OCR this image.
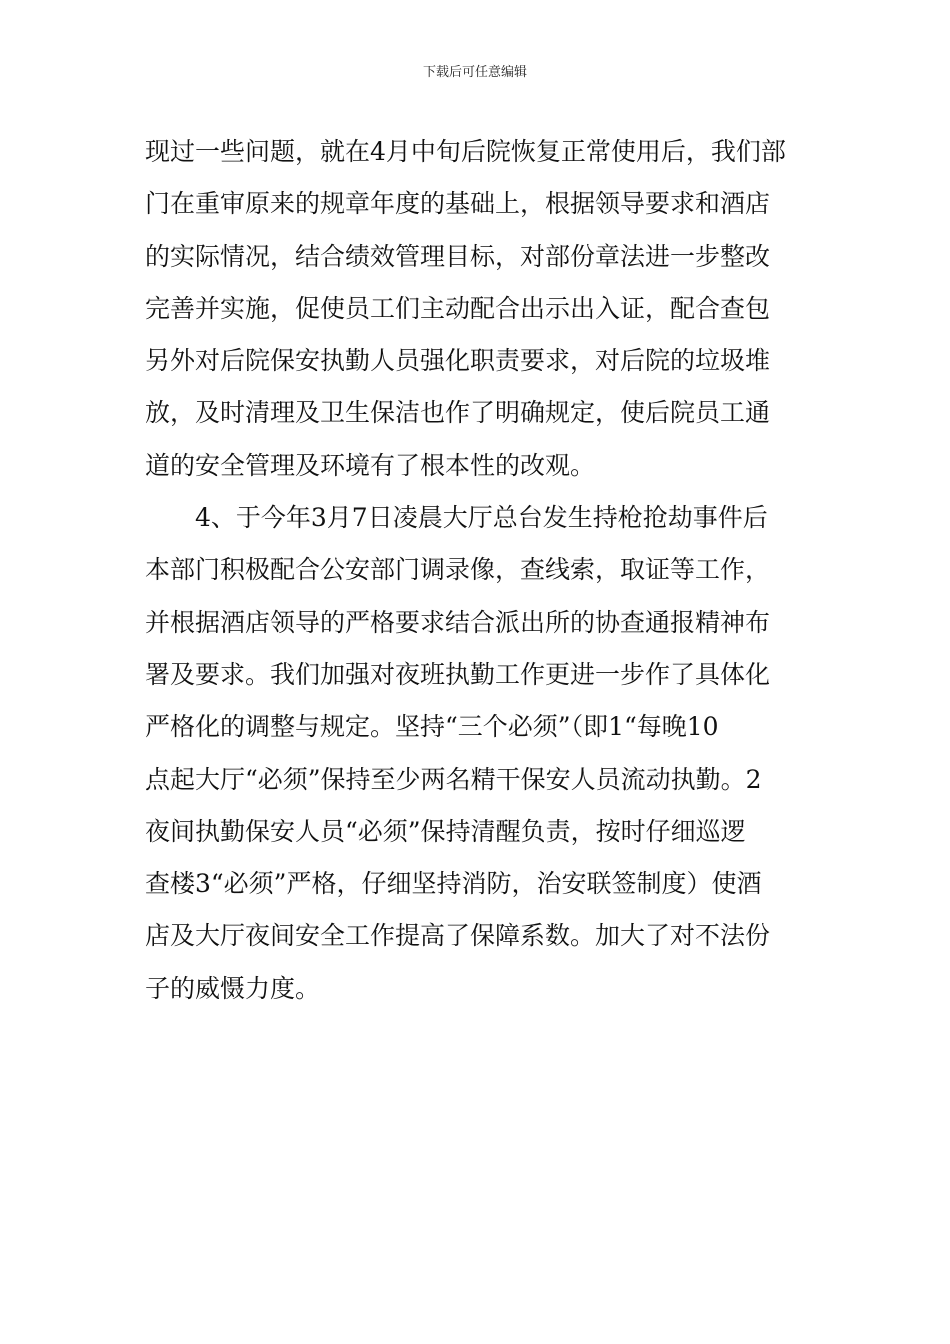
下载后可任意编辑
现过一些问题，就在4月中旬后院恢复正常使用后，我们部
门在重审原来的规章年度的基础上，根据领导要求和酒店
的实际情况，结合绩效管理目标，对部份章法进一步整改
完善并实施，促使员工们主动配合出示出入证，配合查包
另外对后院保安执勤人员强化职责要求，对后院的垃圾堆
放，及时清理及卫生保洁也作了明确规定，使后院员工通
道的安全管理及环境有了根本性的改观。
4、于今年3月7日凌晨大厅总台发生持枪抢劫事件后
本部门积极配合公安部门调录像，查线索，取证等工作，
并根据酒店领导的严格要求结合派出所的协查通报精神布
署及要求。我们加强对夜班执勤工作更进一步作了具体化
严格化的调整与规定。坚持“三个必须”（即1“每晚10
点起大厅“必须”保持至少两名精干保安人员流动执勤。2
夜间执勤保安人员“必须”保持清醒负责，按时仔细巡逻
查楼3“必须”严格，仔细坚持消防，治安联签制度）使酒
店及大厅夜间安全工作提高了保障系数。加大了对不法份
子的威慑力度。
